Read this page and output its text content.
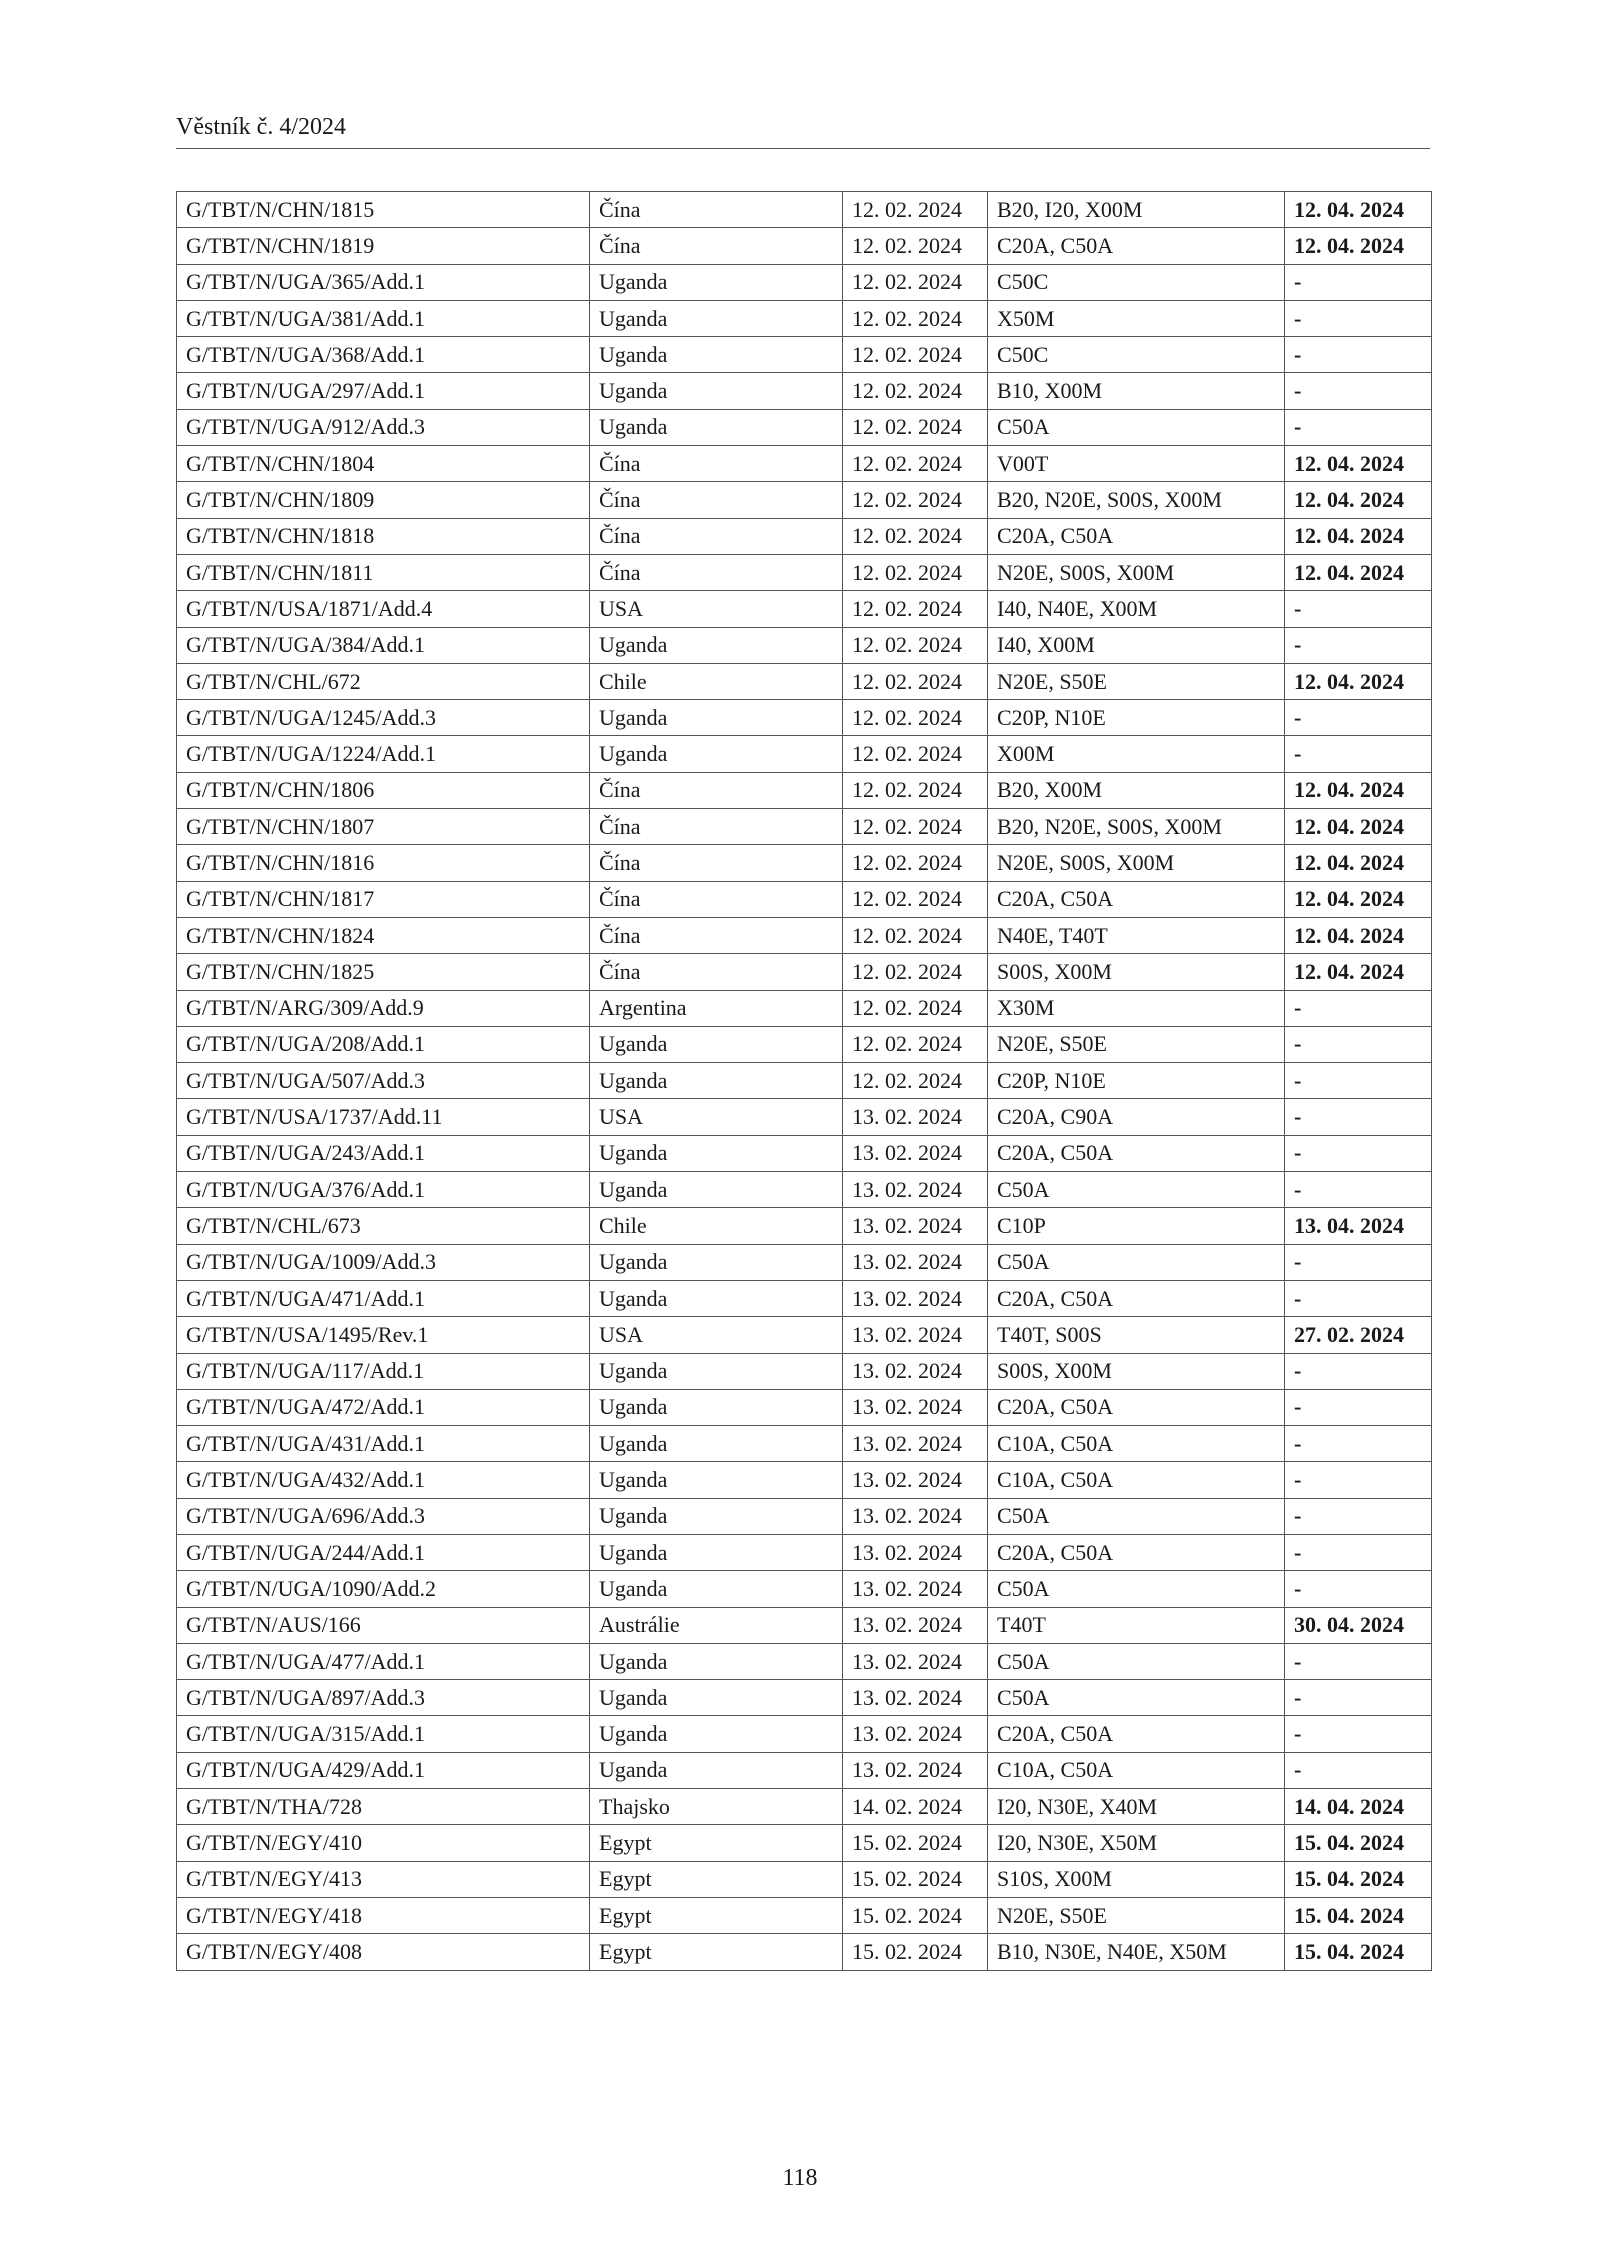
Věstník č. 4/2024
G/TBT/N/CHN/1815	Čína	12. 02. 2024	B20, I20, X00M	12. 04. 2024
G/TBT/N/CHN/1819	Čína	12. 02. 2024	C20A, C50A	12. 04. 2024
G/TBT/N/UGA/365/Add.1	Uganda	12. 02. 2024	C50C	-
G/TBT/N/UGA/381/Add.1	Uganda	12. 02. 2024	X50M	-
G/TBT/N/UGA/368/Add.1	Uganda	12. 02. 2024	C50C	-
G/TBT/N/UGA/297/Add.1	Uganda	12. 02. 2024	B10, X00M	-
G/TBT/N/UGA/912/Add.3	Uganda	12. 02. 2024	C50A	-
G/TBT/N/CHN/1804	Čína	12. 02. 2024	V00T	12. 04. 2024
G/TBT/N/CHN/1809	Čína	12. 02. 2024	B20, N20E, S00S, X00M	12. 04. 2024
G/TBT/N/CHN/1818	Čína	12. 02. 2024	C20A, C50A	12. 04. 2024
G/TBT/N/CHN/1811	Čína	12. 02. 2024	N20E, S00S, X00M	12. 04. 2024
G/TBT/N/USA/1871/Add.4	USA	12. 02. 2024	I40, N40E, X00M	-
G/TBT/N/UGA/384/Add.1	Uganda	12. 02. 2024	I40, X00M	-
G/TBT/N/CHL/672	Chile	12. 02. 2024	N20E, S50E	12. 04. 2024
G/TBT/N/UGA/1245/Add.3	Uganda	12. 02. 2024	C20P, N10E	-
G/TBT/N/UGA/1224/Add.1	Uganda	12. 02. 2024	X00M	-
G/TBT/N/CHN/1806	Čína	12. 02. 2024	B20, X00M	12. 04. 2024
G/TBT/N/CHN/1807	Čína	12. 02. 2024	B20, N20E, S00S, X00M	12. 04. 2024
G/TBT/N/CHN/1816	Čína	12. 02. 2024	N20E, S00S, X00M	12. 04. 2024
G/TBT/N/CHN/1817	Čína	12. 02. 2024	C20A, C50A	12. 04. 2024
G/TBT/N/CHN/1824	Čína	12. 02. 2024	N40E, T40T	12. 04. 2024
G/TBT/N/CHN/1825	Čína	12. 02. 2024	S00S, X00M	12. 04. 2024
G/TBT/N/ARG/309/Add.9	Argentina	12. 02. 2024	X30M	-
G/TBT/N/UGA/208/Add.1	Uganda	12. 02. 2024	N20E, S50E	-
G/TBT/N/UGA/507/Add.3	Uganda	12. 02. 2024	C20P, N10E	-
G/TBT/N/USA/1737/Add.11	USA	13. 02. 2024	C20A, C90A	-
G/TBT/N/UGA/243/Add.1	Uganda	13. 02. 2024	C20A, C50A	-
G/TBT/N/UGA/376/Add.1	Uganda	13. 02. 2024	C50A	-
G/TBT/N/CHL/673	Chile	13. 02. 2024	C10P	13. 04. 2024
G/TBT/N/UGA/1009/Add.3	Uganda	13. 02. 2024	C50A	-
G/TBT/N/UGA/471/Add.1	Uganda	13. 02. 2024	C20A, C50A	-
G/TBT/N/USA/1495/Rev.1	USA	13. 02. 2024	T40T, S00S	27. 02. 2024
G/TBT/N/UGA/117/Add.1	Uganda	13. 02. 2024	S00S, X00M	-
G/TBT/N/UGA/472/Add.1	Uganda	13. 02. 2024	C20A, C50A	-
G/TBT/N/UGA/431/Add.1	Uganda	13. 02. 2024	C10A, C50A	-
G/TBT/N/UGA/432/Add.1	Uganda	13. 02. 2024	C10A, C50A	-
G/TBT/N/UGA/696/Add.3	Uganda	13. 02. 2024	C50A	-
G/TBT/N/UGA/244/Add.1	Uganda	13. 02. 2024	C20A, C50A	-
G/TBT/N/UGA/1090/Add.2	Uganda	13. 02. 2024	C50A	-
G/TBT/N/AUS/166	Austrálie	13. 02. 2024	T40T	30. 04. 2024
G/TBT/N/UGA/477/Add.1	Uganda	13. 02. 2024	C50A	-
G/TBT/N/UGA/897/Add.3	Uganda	13. 02. 2024	C50A	-
G/TBT/N/UGA/315/Add.1	Uganda	13. 02. 2024	C20A, C50A	-
G/TBT/N/UGA/429/Add.1	Uganda	13. 02. 2024	C10A, C50A	-
G/TBT/N/THA/728	Thajsko	14. 02. 2024	I20, N30E, X40M	14. 04. 2024
G/TBT/N/EGY/410	Egypt	15. 02. 2024	I20, N30E, X50M	15. 04. 2024
G/TBT/N/EGY/413	Egypt	15. 02. 2024	S10S, X00M	15. 04. 2024
G/TBT/N/EGY/418	Egypt	15. 02. 2024	N20E, S50E	15. 04. 2024
G/TBT/N/EGY/408	Egypt	15. 02. 2024	B10, N30E, N40E, X50M	15. 04. 2024
118
